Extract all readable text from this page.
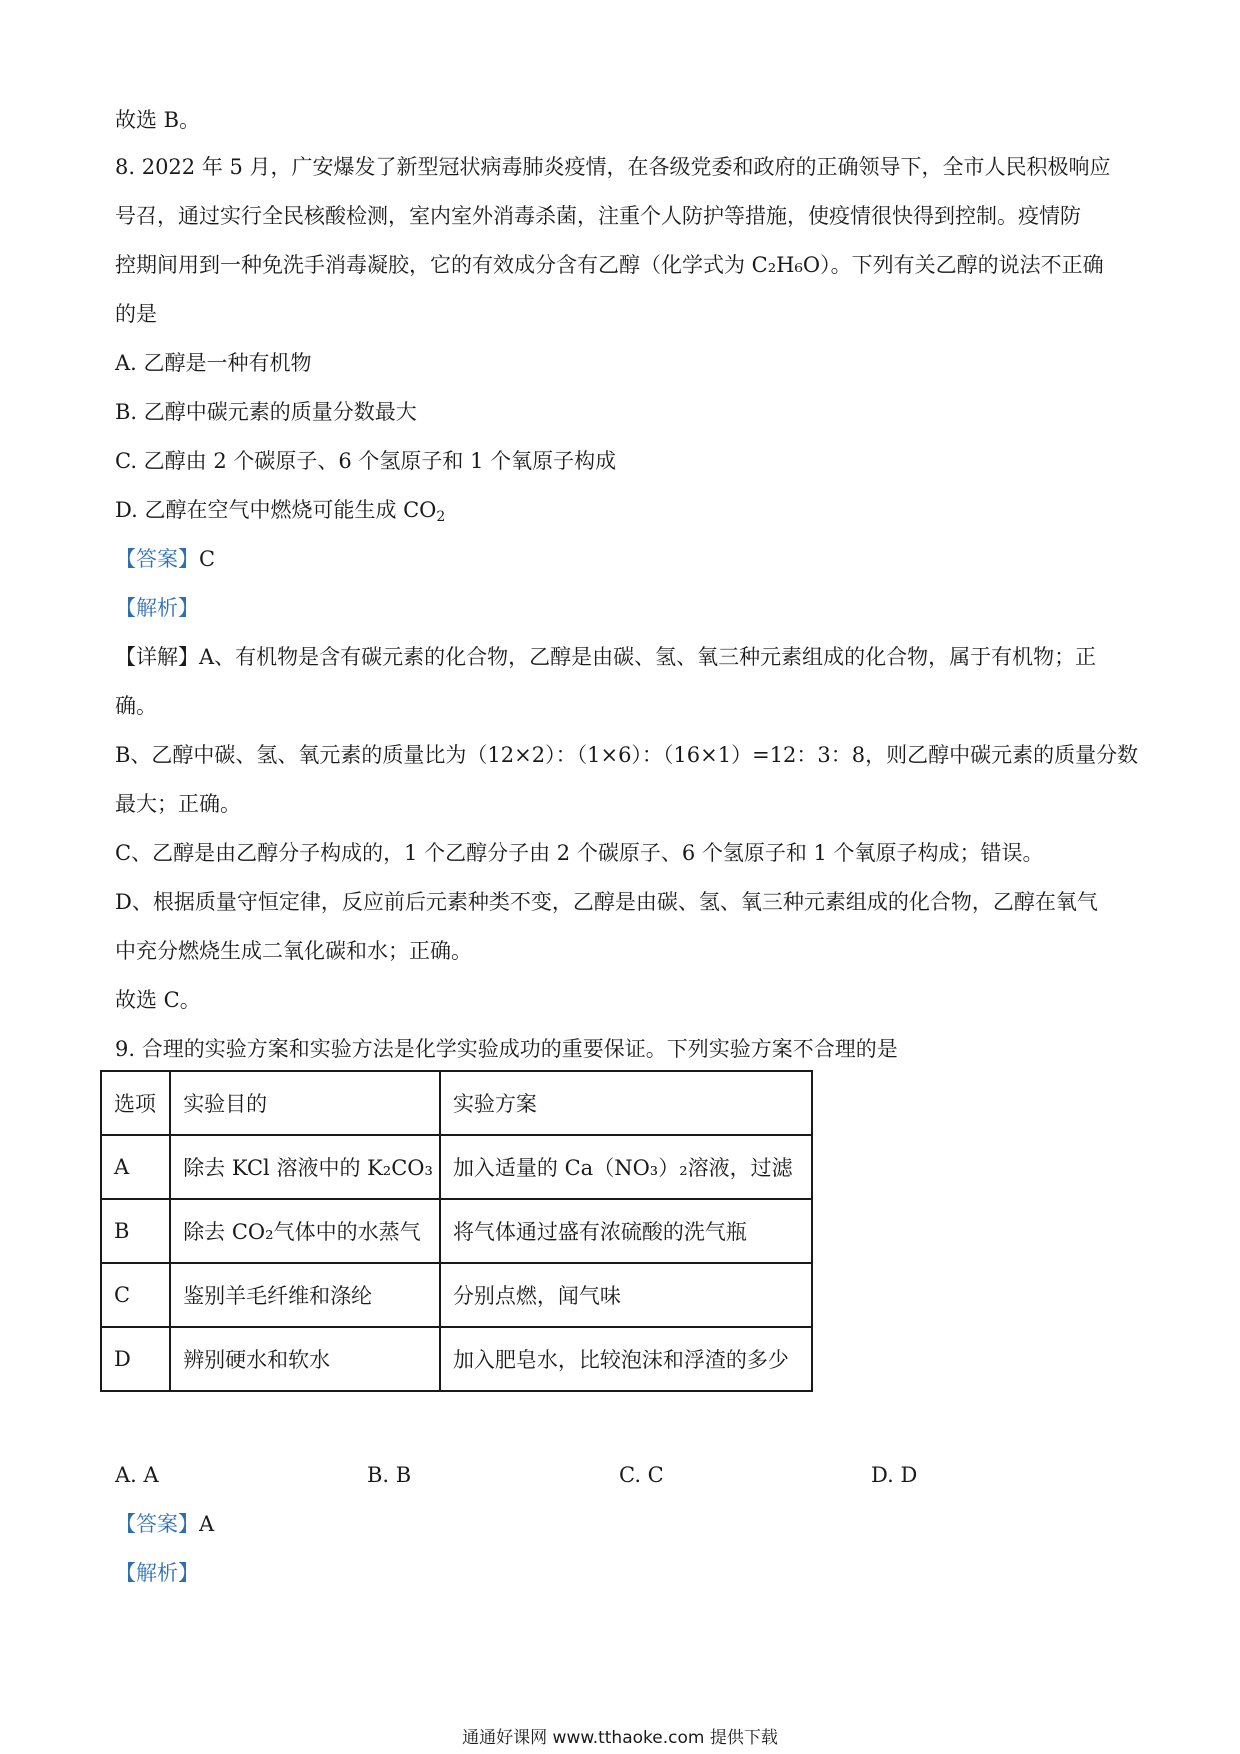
故选 B。
8. 2022 年 5 月，广安爆发了新型冠状病毒肺炎疫情，在各级党委和政府的正确领导下，全市人民积极响应
号召，通过实行全民核酸检测，室内室外消毒杀菌，注重个人防护等措施，使疫情很快得到控制。疫情防
控期间用到一种免洗手消毒凝胶，它的有效成分含有乙醇（化学式为 C₂H₆O）。下列有关乙醇的说法不正确
的是
A. 乙醇是一种有机物
B. 乙醇中碳元素的质量分数最大
C. 乙醇由 2 个碳原子、6 个氢原子和 1 个氧原子构成
D. 乙醇在空气中燃烧可能生成 $CO_2$
【答案】C
【解析】
【详解】A、有机物是含有碳元素的化合物，乙醇是由碳、氢、氧三种元素组成的化合物，属于有机物；正
确。
B、乙醇中碳、氢、氧元素的质量比为（12×2）：（1×6）：（16×1）=12：3：8，则乙醇中碳元素的质量分数
最大；正确。
C、乙醇是由乙醇分子构成的，1 个乙醇分子由 2 个碳原子、6 个氢原子和 1 个氧原子构成；错误。
D、根据质量守恒定律，反应前后元素种类不变，乙醇是由碳、氢、氧三种元素组成的化合物，乙醇在氧气
中充分燃烧生成二氧化碳和水；正确。
故选 C。
9. 合理的实验方案和实验方法是化学实验成功的重要保证。下列实验方案不合理的是
选项	实验目的	实验方案
A	除去 KCl 溶液中的 K₂CO₃	加入适量的 Ca（NO₃）₂溶液，过滤
B	除去 CO₂气体中的水蒸气	将气体通过盛有浓硫酸的洗气瓶
C	鉴别羊毛纤维和涤纶	分别点燃，闻气味
D	辨别硬水和软水	加入肥皂水，比较泡沫和浮渣的多少
A. A	B. B	C. C	D. D
【答案】A
【解析】
通通好课网 www.tthaoke.com 提供下载
